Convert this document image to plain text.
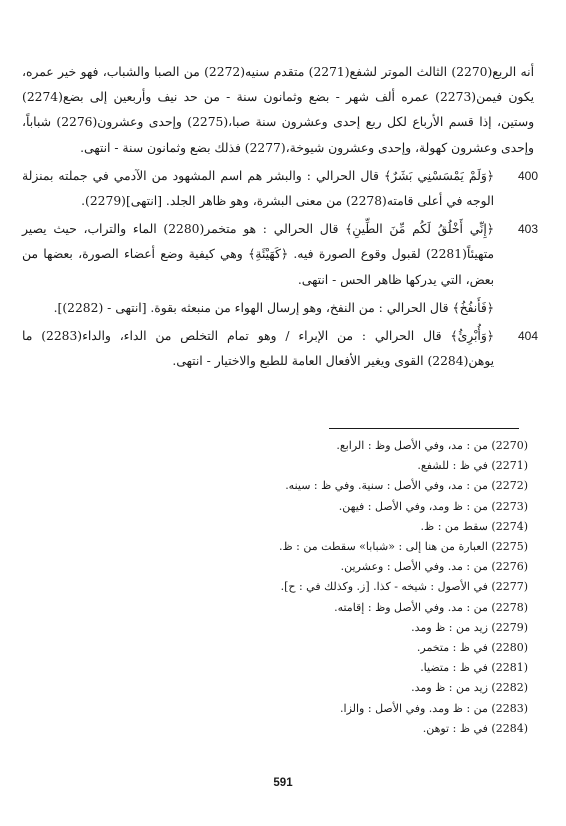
أنه الربع(2270) الثالث الموتر لشفع(2271) متقدم سنيه(2272) من الصبا والشباب، فهو خير عمره، يكون فيمن(2273) عمره ألف شهر - بضع وثمانون سنة - من حد نيف وأربعين إلى بضع(2274) وستين، إذا قسم الأرباع لكل ربع إحدى وعشرون سنة صبا،(2275) وإحدى وعشرون(2276) شباباً، وإحدى وعشرون كهولة، وإحدى وعشرون شيوخة،(2277) فذلك بضع وثمانون سنة - انتهى.

400
﴿وَلَمْ يَمْسَسْنِي بَشَرٌ﴾ قال الحرالي : والبشر هم اسم المشهود من الآدمي في جملته بمنزلة الوجه في أعلى قامته(2278) من معنى البشرة، وهو ظاهر الجلد. [انتهى](2279).

403
﴿إِنِّي أَخْلُقُ لَكُم مِّنَ الطِّينِ﴾ قال الحرالي : هو متخمر(2280) الماء والتراب، حيث يصير متهيئاً(2281) لقبول وقوع الصورة فيه. ﴿كَهَيْئَةِ﴾ وهي كيفية وضع أعضاء الصورة، بعضها من بعض، التي يدركها ظاهر الحس - انتهى.

﴿فَأَنفُخُ﴾ قال الحرالي : من النفخ، وهو إرسال الهواء من منبعثه بقوة. [انتهى - (2282)].

404
﴿وَأُبْرِئُ﴾ قال الحرالي : من الإبراء / وهو تمام التخلص من الداء، والداء(2283) ما يوهن(2284) القوى ويغير الأفعال العامة للطبع والاختيار - انتهى.

(2270) من : مد، وفي الأصل وظ : الرابع.
(2271) في ظ : للشفع.
(2272) من : مد، وفي الأصل : سنية. وفي ظ : سينه.
(2273) من : ظ ومد، وفي الأصل : فيهن.
(2274) سقط من : ظ.
(2275) العبارة من هنا إلى : «شبابا» سقطت من : ظ.
(2276) من : مد. وفي الأصل : وعشرين.
(2277) في الأصول : شيخه - كذا. [ز. وكذلك في : ح].
(2278) من : مد. وفي الأصل وظ : إقامته.
(2279) زيد من : ظ ومد.
(2280) في ظ : متخمر.
(2281) في ظ : متضيا.
(2282) زيد من : ظ ومد.
(2283) من : ظ ومد. وفي الأصل : والزا.
(2284) في ظ : توهن.
591
